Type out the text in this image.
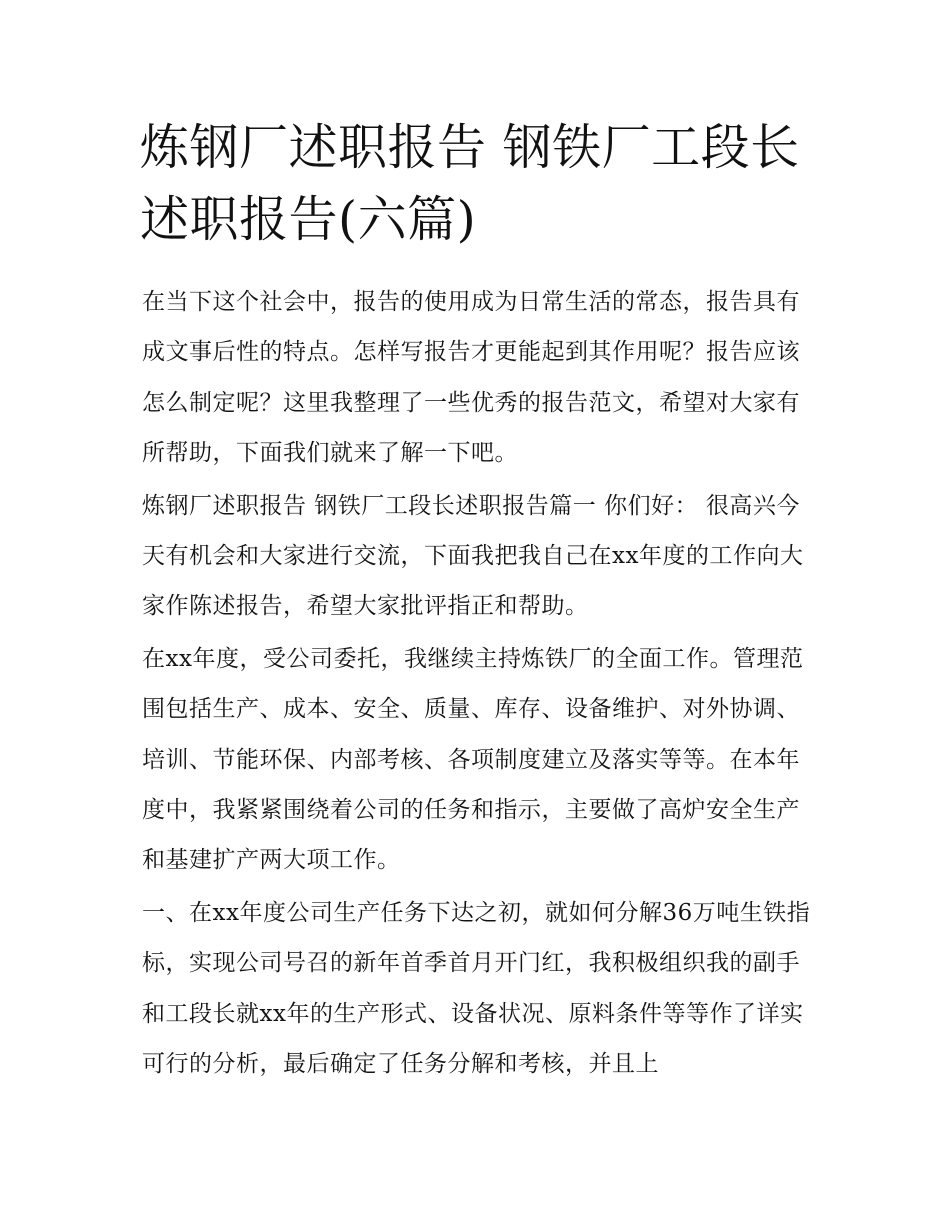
炼钢厂述职报告 钢铁厂工段长述职报告(六篇)

在当下这个社会中，报告的使用成为日常生活的常态，报告具有成文事后性的特点。怎样写报告才更能起到其作用呢？报告应该怎么制定呢？这里我整理了一些优秀的报告范文，希望对大家有所帮助，下面我们就来了解一下吧。

炼钢厂述职报告 钢铁厂工段长述职报告篇一 你们好： 很高兴今天有机会和大家进行交流，下面我把我自己在xx年度的工作向大家作陈述报告，希望大家批评指正和帮助。

在xx年度，受公司委托，我继续主持炼铁厂的全面工作。管理范围包括生产、成本、安全、质量、库存、设备维护、对外协调、培训、节能环保、内部考核、各项制度建立及落实等等。在本年度中，我紧紧围绕着公司的任务和指示，主要做了高炉安全生产和基建扩产两大项工作。

一、在xx年度公司生产任务下达之初，就如何分解36万吨生铁指标，实现公司号召的新年首季首月开门红，我积极组织我的副手和工段长就xx年的生产形式、设备状况、原料条件等等作了详实可行的分析，最后确定了任务分解和考核，并且上
